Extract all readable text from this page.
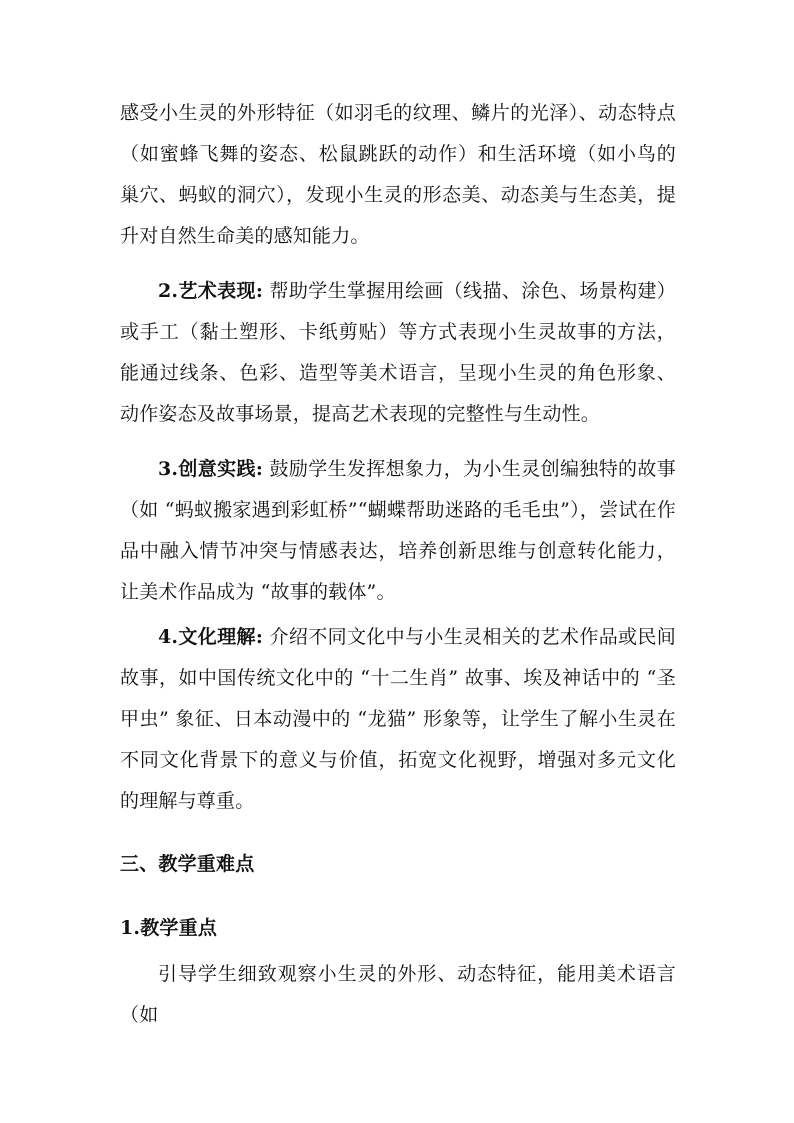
感受小生灵的外形特征（如羽毛的纹理、鳞片的光泽）、动态特点（如蜜蜂飞舞的姿态、松鼠跳跃的动作）和生活环境（如小鸟的巢穴、蚂蚁的洞穴），发现小生灵的形态美、动态美与生态美，提升对自然生命美的感知能力。

2.艺术表现: 帮助学生掌握用绘画（线描、涂色、场景构建）或手工（黏土塑形、卡纸剪贴）等方式表现小生灵故事的方法，能通过线条、色彩、造型等美术语言，呈现小生灵的角色形象、动作姿态及故事场景，提高艺术表现的完整性与生动性。

3.创意实践: 鼓励学生发挥想象力，为小生灵创编独特的故事（如 “蚂蚁搬家遇到彩虹桥”“蝴蝶帮助迷路的毛毛虫”），尝试在作品中融入情节冲突与情感表达，培养创新思维与创意转化能力，让美术作品成为 “故事的载体”。

4.文化理解: 介绍不同文化中与小生灵相关的艺术作品或民间故事，如中国传统文化中的 “十二生肖” 故事、埃及神话中的 “圣甲虫” 象征、日本动漫中的 “龙猫” 形象等，让学生了解小生灵在不同文化背景下的意义与价值，拓宽文化视野，增强对多元文化的理解与尊重。

三、教学重难点

1.教学重点

引导学生细致观察小生灵的外形、动态特征，能用美术语言（如
